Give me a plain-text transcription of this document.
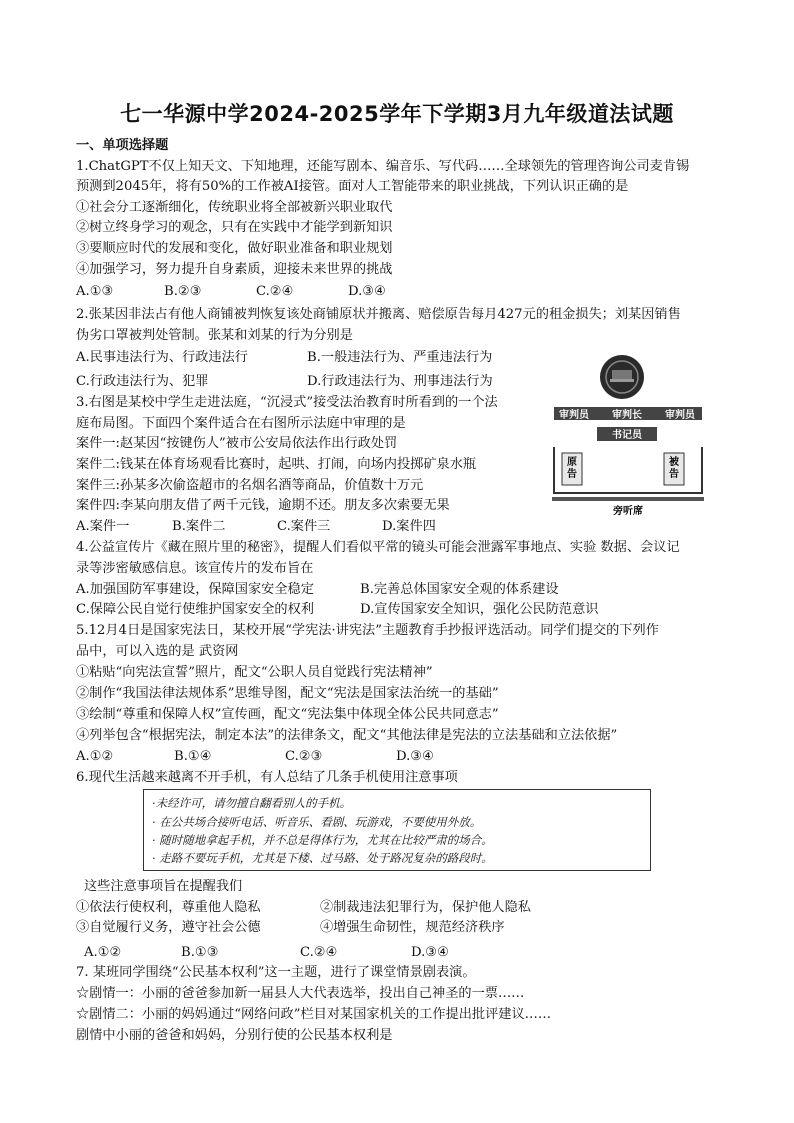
七一华源中学2024-2025学年下学期3月九年级道法试题
一、单项选择题
1.ChatGPT不仅上知天文、下知地理，还能写剧本、编音乐、写代码……全球领先的管理咨询公司麦肯锡
预测到2045年，将有50%的工作被AI接管。面对人工智能带来的职业挑战，下列认识正确的是
①社会分工逐渐细化，传统职业将全部被新兴职业取代
②树立终身学习的观念，只有在实践中才能学到新知识
③要顺应时代的发展和变化，做好职业准备和职业规划
④加强学习，努力提升自身素质，迎接未来世界的挑战
A.①③	B.②③	C.②④	D.③④
2.张某因非法占有他人商铺被判恢复该处商铺原状并搬离、赔偿原告每月427元的租金损失；刘某因销售
伪劣口罩被判处管制。张某和刘某的行为分别是
A.民事违法行为、行政违法行	B.一般违法行为、严重违法行为
C.行政违法行为、犯罪	D.行政违法行为、刑事违法行为
3.右图是某校中学生走进法庭，“沉浸式”接受法治教育时所看到的一个法
庭布局图。下面四个案件适合在右图所示法庭中审理的是
案件一:赵某因“按键伤人”被市公安局依法作出行政处罚
案件二:钱某在体育场观看比赛时，起哄、打闹，向场内投掷矿泉水瓶
案件三:孙某多次偷盗超市的名烟名酒等商品，价值数十万元
案件四:李某向朋友借了两千元钱，逾期不还。朋友多次索要无果
A.案件一	B.案件二	C.案件三	D.案件四
审判员 审判长 审判员
书记员
原告
被告
旁听席
4.公益宣传片《藏在照片里的秘密》，提醒人们看似平常的镜头可能会泄露军事地点、实验 数据、会议记
录等涉密敏感信息。该宣传片的发布旨在
A.加强国防军事建设，保障国家安全稳定	B.完善总体国家安全观的体系建设
C.保障公民自觉行使维护国家安全的权利	D.宣传国家安全知识，强化公民防范意识
5.12月4日是国家宪法日，某校开展“学宪法·讲宪法”主题教育手抄报评选活动。同学们提交的下列作
品中，可以入选的是 武资网
①粘贴“向宪法宣誓”照片，配文“公职人员自觉践行宪法精神”
②制作“我国法律法规体系”思维导图，配文“宪法是国家法治统一的基础”
③绘制“尊重和保障人权”宣传画，配文“宪法集中体现全体公民共同意志”
④列举包含“根据宪法，制定本法”的法律条文，配文“其他法律是宪法的立法基础和立法依据”
A.①②	B.①④	C.②③	D.③④
6.现代生活越来越离不开手机，有人总结了几条手机使用注意事项
·未经许可，请勿擅自翻看别人的手机。
· 在公共场合接听电话、听音乐、看剧、玩游戏，不要使用外放。
· 随时随地拿起手机，并不总是得体行为，尤其在比较严肃的场合。
· 走路不要玩手机，尤其是下楼、过马路、处于路况复杂的路段时。
这些注意事项旨在提醒我们
①依法行使权利，尊重他人隐私	②制裁违法犯罪行为，保护他人隐私
③自觉履行义务，遵守社会公德	④增强生命韧性，规范经济秩序
A.①②	B.①③	C.②④	D.③④
7. 某班同学围绕“公民基本权利”这一主题，进行了课堂情景剧表演。
☆剧情一：小丽的爸爸参加新一届县人大代表选举，投出自己神圣的一票……
☆剧情二：小丽的妈妈通过“网络问政”栏目对某国家机关的工作提出批评建议……
剧情中小丽的爸爸和妈妈，分别行使的公民基本权利是
